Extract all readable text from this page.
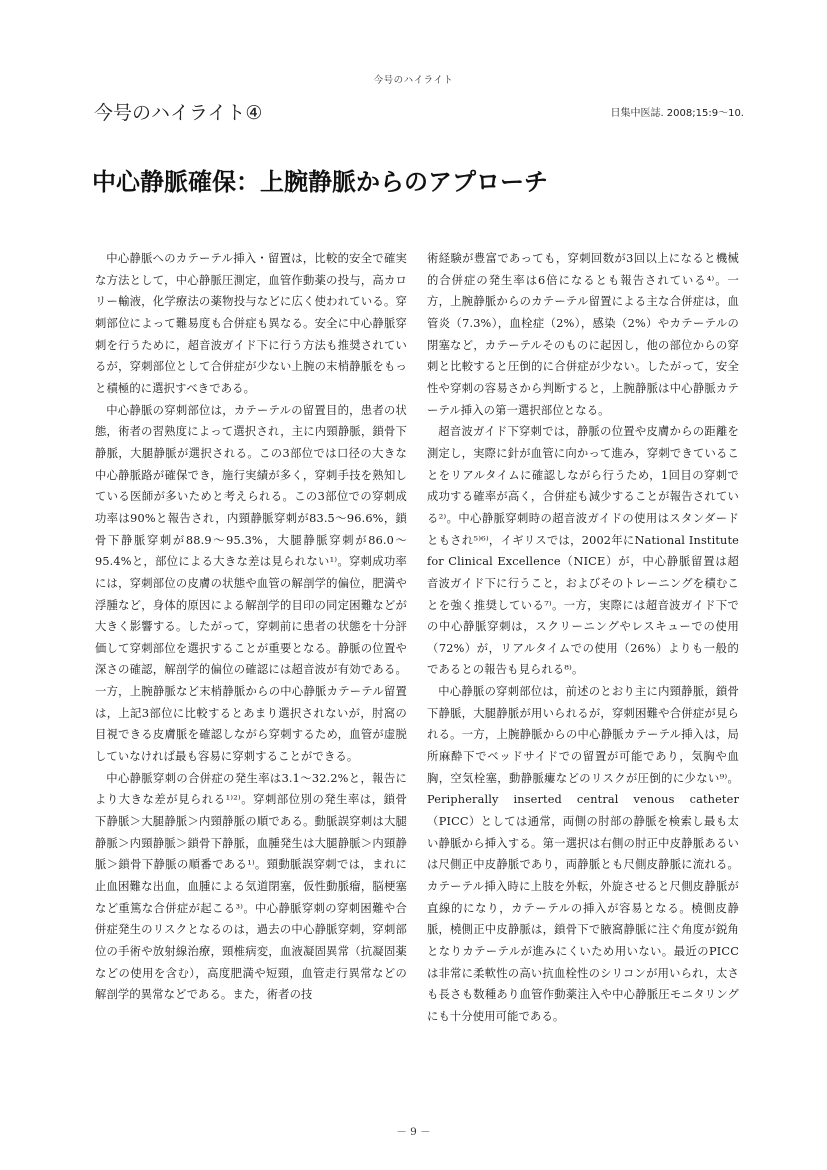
今号のハイライト
今号のハイライト④	日集中医誌. 2008;15:9～10.
中心静脈確保：上腕静脈からのアプローチ

中心静脈へのカテーテル挿入・留置は，比較的安全で確実な方法として，中心静脈圧測定，血管作動薬の投与，高カロリー輸液，化学療法の薬物投与などに広く使われている。穿刺部位によって難易度も合併症も異なる。安全に中心静脈穿刺を行うために，超音波ガイド下に行う方法も推奨されているが，穿刺部位として合併症が少ない上腕の末梢静脈をもっと積極的に選択すべきである。

中心静脈の穿刺部位は，カテーテルの留置目的，患者の状態，術者の習熟度によって選択され，主に内頸静脈，鎖骨下静脈，大腿静脈が選択される。この3部位では口径の大きな中心静脈路が確保でき，施行実績が多く，穿刺手技を熟知している医師が多いためと考えられる。この3部位での穿刺成功率は90%と報告され，内頸静脈穿刺が83.5～96.6%，鎖骨下静脈穿刺が88.9～95.3%，大腿静脈穿刺が86.0～95.4%と，部位による大きな差は見られない¹⁾。穿刺成功率には，穿刺部位の皮膚の状態や血管の解剖学的偏位，肥満や浮腫など，身体的原因による解剖学的目印の同定困難などが大きく影響する。したがって，穿刺前に患者の状態を十分評価して穿刺部位を選択することが重要となる。静脈の位置や深さの確認，解剖学的偏位の確認には超音波が有効である。一方，上腕静脈など末梢静脈からの中心静脈カテーテル留置は，上記3部位に比較するとあまり選択されないが，肘窩の目視できる皮膚脈を確認しながら穿刺するため，血管が虚脱していなければ最も容易に穿刺することができる。

中心静脈穿刺の合併症の発生率は3.1～32.2%と，報告により大きな差が見られる¹⁾²⁾。穿刺部位別の発生率は，鎖骨下静脈＞大腿静脈＞内頸静脈の順である。動脈誤穿刺は大腿静脈＞内頸静脈＞鎖骨下静脈，血腫発生は大腿静脈＞内頸静脈＞鎖骨下静脈の順番である¹⁾。頸動脈誤穿刺では，まれに止血困難な出血，血腫による気道閉塞，仮性動脈瘤，脳梗塞など重篤な合併症が起こる³⁾。中心静脈穿刺の穿刺困難や合併症発生のリスクとなるのは，過去の中心静脈穿刺，穿刺部位の手術や放射線治療，頸椎病変，血液凝固異常（抗凝固薬などの使用を含む），高度肥満や短頸，血管走行異常などの解剖学的異常などである。また，術者の技

術経験が豊富であっても，穿刺回数が3回以上になると機械的合併症の発生率は6倍になるとも報告されている⁴⁾。一方，上腕静脈からのカテーテル留置による主な合併症は，血管炎（7.3%），血栓症（2%），感染（2%）やカテーテルの閉塞など，カテーテルそのものに起因し，他の部位からの穿刺と比較すると圧倒的に合併症が少ない。したがって，安全性や穿刺の容易さから判断すると，上腕静脈は中心静脈カテーテル挿入の第一選択部位となる。

超音波ガイド下穿刺では，静脈の位置や皮膚からの距離を測定し，実際に針が血管に向かって進み，穿刺できていることをリアルタイムに確認しながら行うため，1回目の穿刺で成功する確率が高く，合併症も減少することが報告されている²⁾。中心静脈穿刺時の超音波ガイドの使用はスタンダードともされ⁵⁾⁶⁾，イギリスでは，2002年にNational Institute for Clinical Excellence（NICE）が，中心静脈留置は超音波ガイド下に行うこと，およびそのトレーニングを積むことを強く推奨している⁷⁾。一方，実際には超音波ガイド下での中心静脈穿刺は，スクリーニングやレスキューでの使用（72%）が，リアルタイムでの使用（26%）よりも一般的であるとの報告も見られる⁸⁾。

中心静脈の穿刺部位は，前述のとおり主に内頸静脈，鎖骨下静脈，大腿静脈が用いられるが，穿刺困難や合併症が見られる。一方，上腕静脈からの中心静脈カテーテル挿入は，局所麻酔下でベッドサイドでの留置が可能であり，気胸や血胸，空気栓塞，動静脈瘻などのリスクが圧倒的に少ない⁹⁾。Peripherally inserted central venous catheter（PICC）としては通常，両側の肘部の静脈を検索し最も太い静脈から挿入する。第一選択は右側の肘正中皮静脈あるいは尺側正中皮静脈であり，両静脈とも尺側皮静脈に流れる。カテーテル挿入時に上肢を外転，外旋させると尺側皮静脈が直線的になり，カテーテルの挿入が容易となる。橈側皮静脈，橈側正中皮静脈は，鎖骨下で腋窩静脈に注ぐ角度が鋭角となりカテーテルが進みにくいため用いない。最近のPICCは非常に柔軟性の高い抗血栓性のシリコンが用いられ，太さも長さも数種あり血管作動薬注入や中心静脈圧モニタリングにも十分使用可能である。

－ 9 －
